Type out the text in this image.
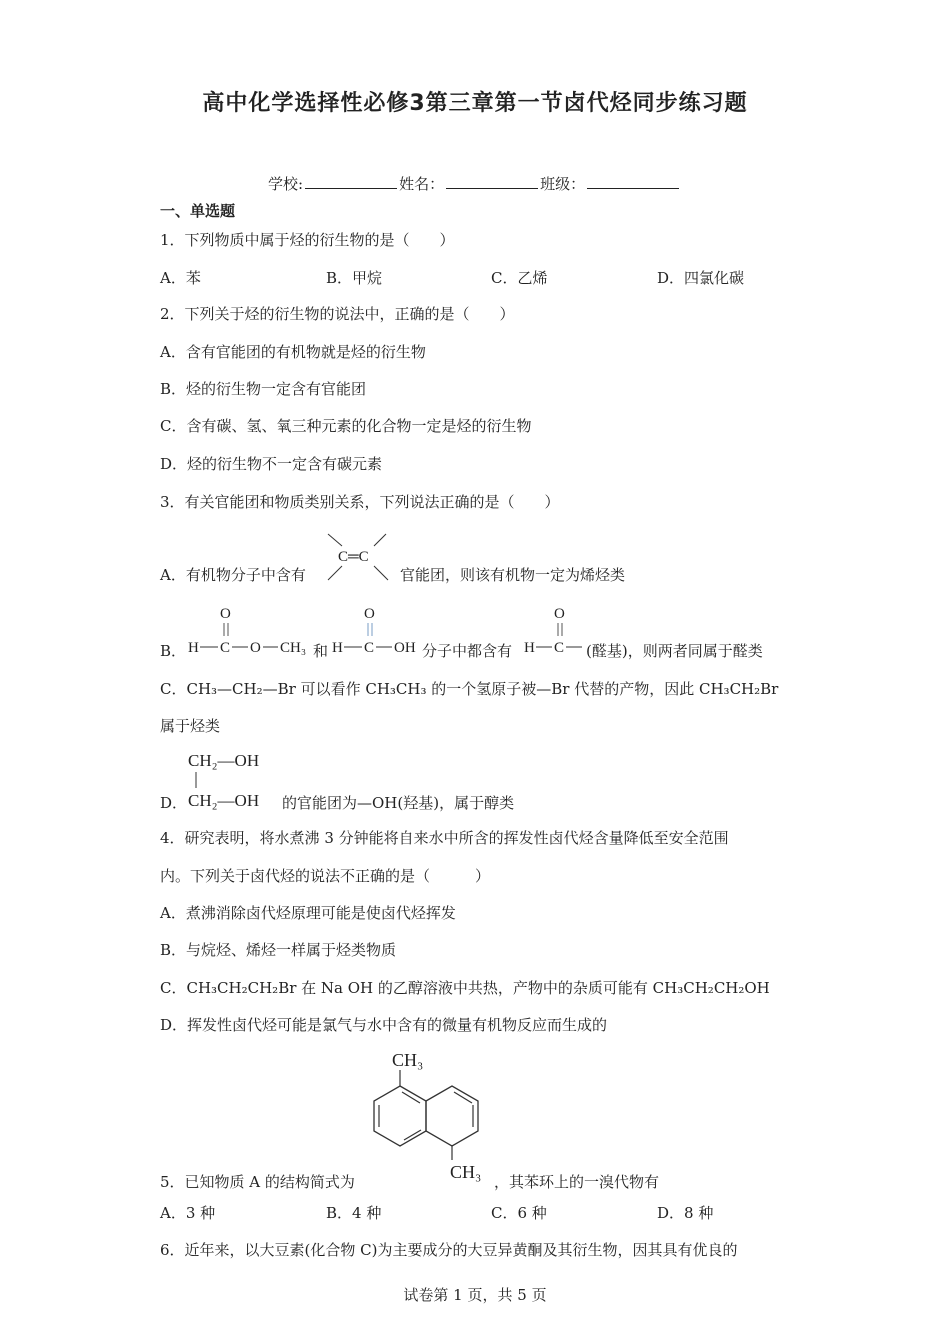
高中化学选择性必修3第三章第一节卤代烃同步练习题
学校:	姓名：	班级：
一、单选题
1．下列物质中属于烃的衍生物的是（　　）
A．苯	B．甲烷	C．乙烯	D．四氯化碳
2．下列关于烃的衍生物的说法中，正确的是（　　）
A．含有官能团的有机物就是烃的衍生物
B．烃的衍生物一定含有官能团
C．含有碳、氢、氧三种元素的化合物一定是烃的衍生物
D．烃的衍生物不一定含有碳元素
3．有关官能团和物质类别关系，下列说法正确的是（　　）
A．有机物分子中含有
C═C
官能团，则该有机物一定为烯烃类
B．
O
H C O CH₃ 和
O
H C OH 分子中都含有
O
H C (醛基)，则两者同属于醛类
C．CH₃—CH₂—Br 可以看作 CH₃CH₃ 的一个氢原子被—Br 代替的产物，因此 CH₃CH₂Br
属于烃类
D．
CH₂—OH
CH₂—OH 的官能团为—OH(羟基)，属于醇类
4．研究表明，将水煮沸 3 分钟能将自来水中所含的挥发性卤代烃含量降低至安全范围
内。下列关于卤代烃的说法不正确的是（　　　）
A．煮沸消除卤代烃原理可能是使卤代烃挥发
B．与烷烃、烯烃一样属于烃类物质
C．CH₃CH₂CH₂Br 在 Na OH 的乙醇溶液中共热，产物中的杂质可能有 CH₃CH₂CH₂OH
D．挥发性卤代烃可能是氯气与水中含有的微量有机物反应而生成的
CH₃
CH₃
5．已知物质 A 的结构简式为	，其苯环上的一溴代物有
A．3 种	B．4 种	C．6 种	D．8 种
6．近年来，以大豆素(化合物 C)为主要成分的大豆异黄酮及其衍生物，因其具有优良的
试卷第 1 页，共 5 页
